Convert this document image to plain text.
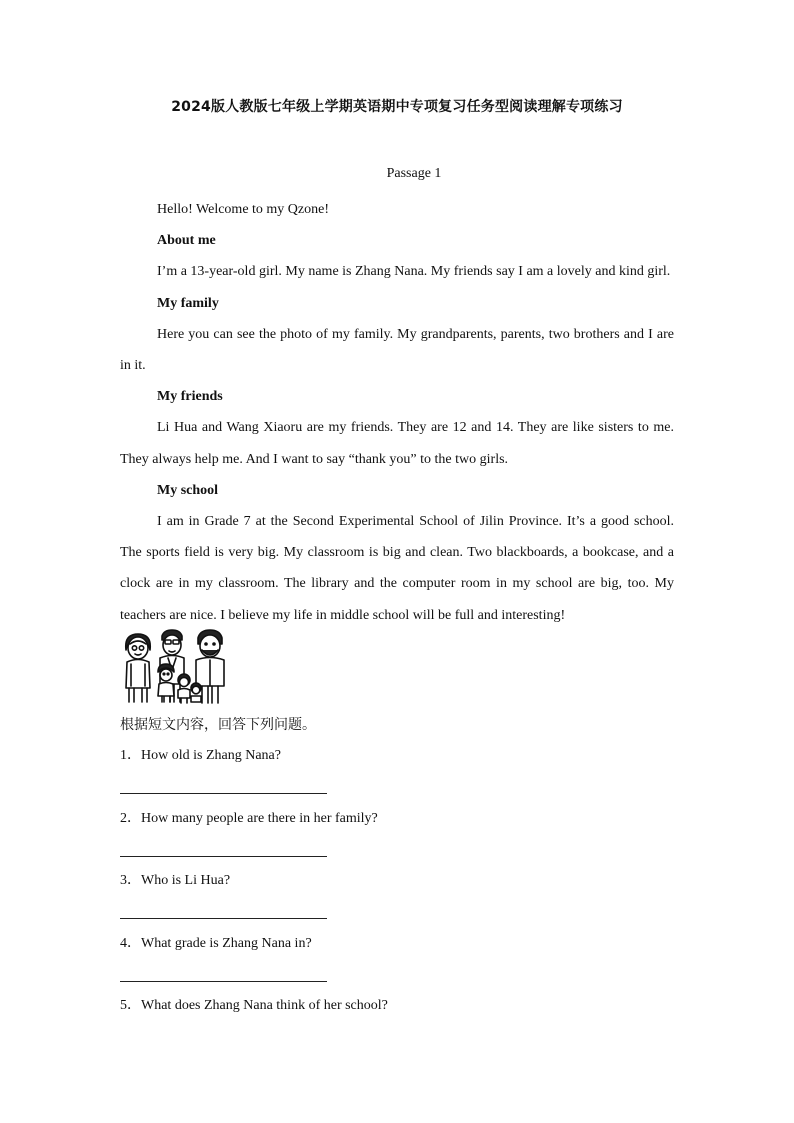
2024版人教版七年级上学期英语期中专项复习任务型阅读理解专项练习
Passage 1

Hello! Welcome to my Qzone!

About me

I’m a 13-year-old girl. My name is Zhang Nana. My friends say I am a lovely and kind girl.

My family

Here you can see the photo of my family. My grandparents, parents, two brothers and I are in it.

My friends

Li Hua and Wang Xiaoru are my friends. They are 12 and 14. They are like sisters to me. They always help me. And I want to say “thank you” to the two girls.

My school

I am in Grade 7 at the Second Experimental School of Jilin Province. It’s a good school. The sports field is very big. My classroom is big and clean. Two blackboards, a bookcase, and a clock are in my classroom. The library and the computer room in my school are big, too. My teachers are nice. I believe my life in middle school will be full and interesting!

根据短文内容，回答下列问题。
1．How old is Zhang Nana?
2．How many people are there in her family?
3．Who is Li Hua?
4．What grade is Zhang Nana in?
5．What does Zhang Nana think of her school?
